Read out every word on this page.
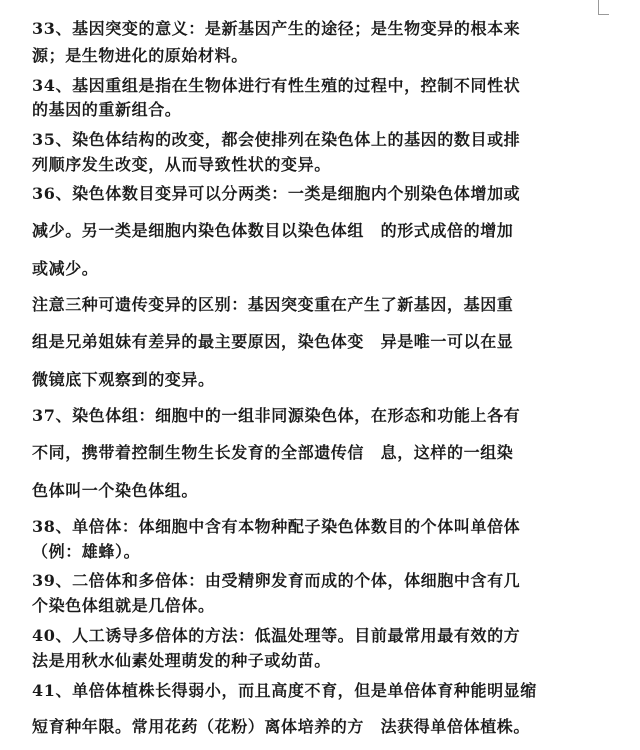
33、基因突变的意义：是新基因产生的途径；是生物变异的根本来
源；是生物进化的原始材料。
34、基因重组是指在生物体进行有性生殖的过程中，控制不同性状
的基因的重新组合。
35、染色体结构的改变，都会使排列在染色体上的基因的数目或排
列顺序发生改变，从而导致性状的变异。
36、染色体数目变异可以分两类：一类是细胞内个别染色体增加或
减少。另一类是细胞内染色体数目以染色体组　的形式成倍的增加
或减少。
注意三种可遗传变异的区别：基因突变重在产生了新基因，基因重
组是兄弟姐妹有差异的最主要原因，染色体变　异是唯一可以在显
微镜底下观察到的变异。
37、染色体组：细胞中的一组非同源染色体，在形态和功能上各有
不同，携带着控制生物生长发育的全部遗传信　息，这样的一组染
色体叫一个染色体组。
38、单倍体：体细胞中含有本物种配子染色体数目的个体叫单倍体
（例：雄蜂）。
39、二倍体和多倍体：由受精卵发育而成的个体，体细胞中含有几
个染色体组就是几倍体。
40、人工诱导多倍体的方法：低温处理等。目前最常用最有效的方
法是用秋水仙素处理萌发的种子或幼苗。
41、单倍体植株长得弱小，而且高度不育，但是单倍体育种能明显缩
短育种年限。常用花药（花粉）离体培养的方　法获得单倍体植株。
